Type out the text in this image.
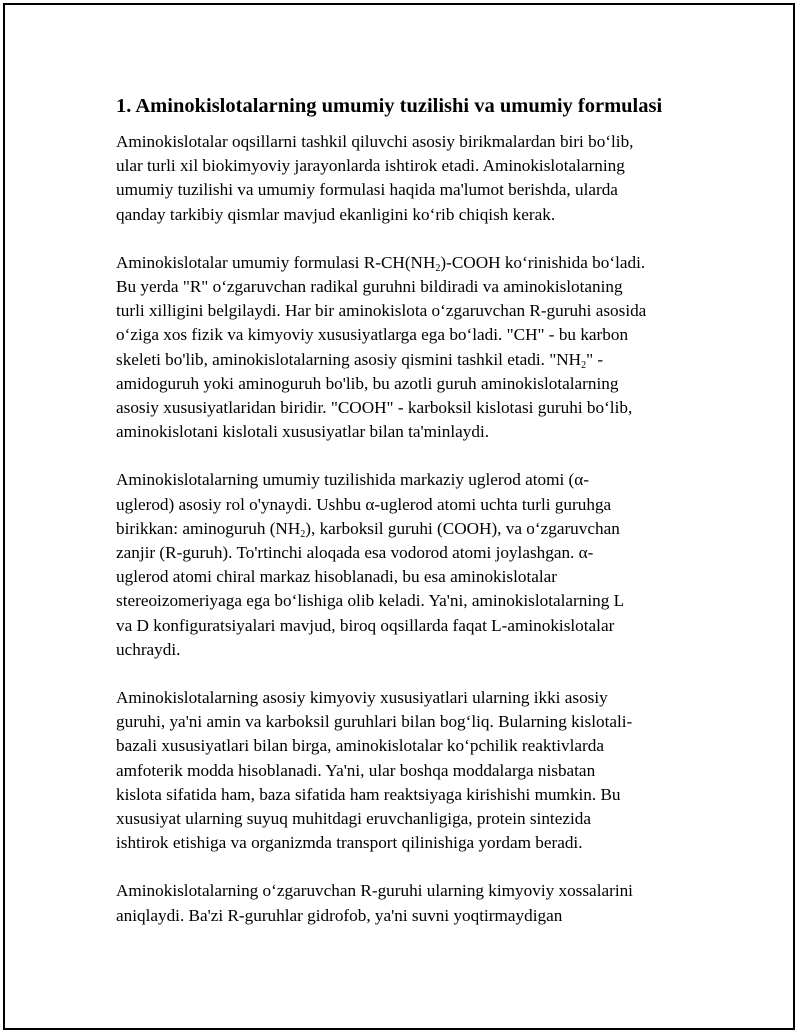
1. Aminokislotalarning umumiy tuzilishi va umumiy formulasi

Aminokislotalar oqsillarni tashkil qiluvchi asosiy birikmalardan biri bo‘lib,
ular turli xil biokimyoviy jarayonlarda ishtirok etadi. Aminokislotalarning
umumiy tuzilishi va umumiy formulasi haqida ma'lumot berishda, ularda
qanday tarkibiy qismlar mavjud ekanligini ko‘rib chiqish kerak.

Aminokislotalar umumiy formulasi $R-CH(NH_2)$-COOH ko‘rinishida bo‘ladi.
Bu yerda "R" o‘zgaruvchan radikal guruhni bildiradi va aminokislotaning
turli xilligini belgilaydi. Har bir aminokislota o‘zgaruvchan R-guruhi asosida
o‘ziga xos fizik va kimyoviy xususiyatlarga ega bo‘ladi. "CH" - bu karbon
skeleti bo'lib, aminokislotalarning asosiy qismini tashkil etadi. "$NH_2$" -
amidoguruh yoki aminoguruh bo'lib, bu azotli guruh aminokislotalarning
asosiy xususiyatlaridan biridir. "COOH" - karboksil kislotasi guruhi bo‘lib,
aminokislotani kislotali xususiyatlar bilan ta'minlaydi.

Aminokislotalarning umumiy tuzilishida markaziy uglerod atomi (α-
uglerod) asosiy rol o'ynaydi. Ushbu α-uglerod atomi uchta turli guruhga
birikkan: aminoguruh $(NH_2)$, karboksil guruhi (COOH), va o‘zgaruvchan
zanjir (R-guruh). To'rtinchi aloqada esa vodorod atomi joylashgan. α-
uglerod atomi chiral markaz hisoblanadi, bu esa aminokislotalar
stereoizomeriyaga ega bo‘lishiga olib keladi. Ya'ni, aminokislotalarning L
va D konfiguratsiyalari mavjud, biroq oqsillarda faqat L-aminokislotalar
uchraydi.

Aminokislotalarning asosiy kimyoviy xususiyatlari ularning ikki asosiy
guruhi, ya'ni amin va karboksil guruhlari bilan bog‘liq. Bularning kislotali-
bazali xususiyatlari bilan birga, aminokislotalar ko‘pchilik reaktivlarda
amfoterik modda hisoblanadi. Ya'ni, ular boshqa moddalarga nisbatan
kislota sifatida ham, baza sifatida ham reaktsiyaga kirishishi mumkin. Bu
xususiyat ularning suyuq muhitdagi eruvchanligiga, protein sintezida
ishtirok etishiga va organizmda transport qilinishiga yordam beradi.

Aminokislotalarning o‘zgaruvchan R-guruhi ularning kimyoviy xossalarini
aniqlaydi. Ba'zi R-guruhlar gidrofob, ya'ni suvni yoqtirmaydigan
